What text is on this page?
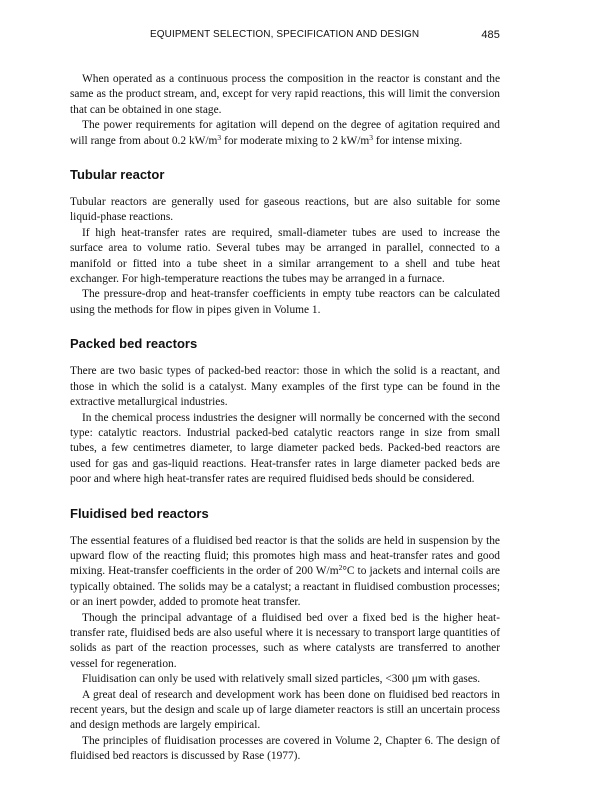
EQUIPMENT SELECTION, SPECIFICATION AND DESIGN	485

When operated as a continuous process the composition in the reactor is constant and the same as the product stream, and, except for very rapid reactions, this will limit the conversion that can be obtained in one stage.

The power requirements for agitation will depend on the degree of agitation required and will range from about 0.2 $kW/m^3$ for moderate mixing to 2 $kW/m^3$ for intense mixing.

Tubular reactor

Tubular reactors are generally used for gaseous reactions, but are also suitable for some liquid-phase reactions.

If high heat-transfer rates are required, small-diameter tubes are used to increase the surface area to volume ratio. Several tubes may be arranged in parallel, connected to a manifold or fitted into a tube sheet in a similar arrangement to a shell and tube heat exchanger. For high-temperature reactions the tubes may be arranged in a furnace.

The pressure-drop and heat-transfer coefficients in empty tube reactors can be calculated using the methods for flow in pipes given in Volume 1.

Packed bed reactors

There are two basic types of packed-bed reactor: those in which the solid is a reactant, and those in which the solid is a catalyst. Many examples of the first type can be found in the extractive metallurgical industries.

In the chemical process industries the designer will normally be concerned with the second type: catalytic reactors. Industrial packed-bed catalytic reactors range in size from small tubes, a few centimetres diameter, to large diameter packed beds. Packed-bed reactors are used for gas and gas-liquid reactions. Heat-transfer rates in large diameter packed beds are poor and where high heat-transfer rates are required fluidised beds should be considered.

Fluidised bed reactors

The essential features of a fluidised bed reactor is that the solids are held in suspension by the upward flow of the reacting fluid; this promotes high mass and heat-transfer rates and good mixing. Heat-transfer coefficients in the order of 200 $W/m^2^\circ C$ to jackets and internal coils are typically obtained. The solids may be a catalyst; a reactant in fluidised combustion processes; or an inert powder, added to promote heat transfer.

Though the principal advantage of a fluidised bed over a fixed bed is the higher heat-transfer rate, fluidised beds are also useful where it is necessary to transport large quantities of solids as part of the reaction processes, such as where catalysts are transferred to another vessel for regeneration.

Fluidisation can only be used with relatively small sized particles, <300 μm with gases.

A great deal of research and development work has been done on fluidised bed reactors in recent years, but the design and scale up of large diameter reactors is still an uncertain process and design methods are largely empirical.

The principles of fluidisation processes are covered in Volume 2, Chapter 6. The design of fluidised bed reactors is discussed by Rase (1977).
